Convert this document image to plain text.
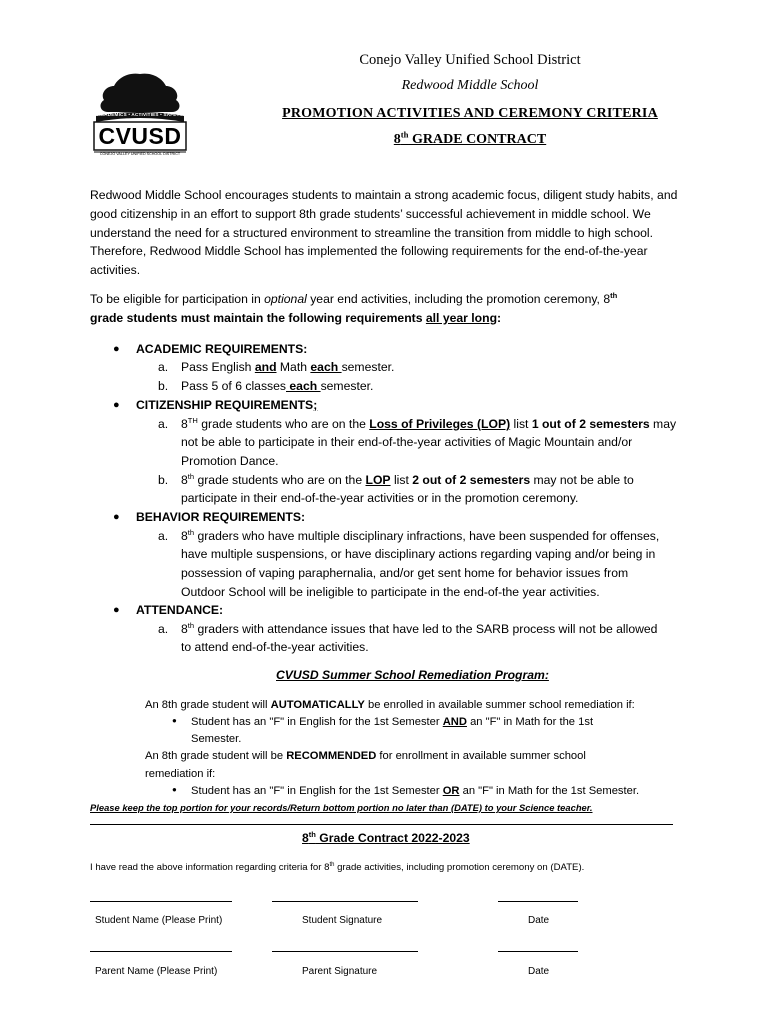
ACADEMICS • ACTIVITIES • SAFETY
CVUSD
CONEJO VALLEY UNIFIED SCHOOL DISTRICT
Conejo Valley Unified School District
Redwood Middle School
PROMOTION ACTIVITIES AND CEREMONY CRITERIA
8th GRADE CONTRACT
Redwood Middle School encourages students to maintain a strong academic focus, diligent study habits, and good citizenship in an effort to support 8th grade students’ successful achievement in middle school. We understand the need for a structured environment to streamline the transition from middle to high school. Therefore, Redwood Middle School has implemented the following requirements for the end-of-the-year activities.
To be eligible for participation in optional year end activities, including the promotion ceremony, 8th
grade students must maintain the following requirements all year long:
● ACADEMIC REQUIREMENTS:
a. Pass English and Math each semester.
b. Pass 5 of 6 classes each semester.
● CITIZENSHIP REQUIREMENTS;
a. 8TH grade students who are on the Loss of Privileges (LOP) list 1 out of 2 semesters may
not be able to participate in their end-of-the-year activities of Magic Mountain and/or
Promotion Dance.
b. 8th grade students who are on the LOP list 2 out of 2 semesters may not be able to
participate in their end-of-the-year activities or in the promotion ceremony.
● BEHAVIOR REQUIREMENTS:
a. 8th graders who have multiple disciplinary infractions, have been suspended for offenses,
have multiple suspensions, or have disciplinary actions regarding vaping and/or being in
possession of vaping paraphernalia, and/or get sent home for behavior issues from
Outdoor School will be ineligible to participate in the end-of-the year activities.
● ATTENDANCE:
a. 8th graders with attendance issues that have led to the SARB process will not be allowed
to attend end-of-the-year activities.
CVUSD Summer School Remediation Program:
An 8th grade student will AUTOMATICALLY be enrolled in available summer school remediation if:
● Student has an "F" in English for the 1st Semester AND an "F" in Math for the 1st
Semester.
An 8th grade student will be RECOMMENDED for enrollment in available summer school
remediation if:
● Student has an "F" in English for the 1st Semester OR an "F" in Math for the 1st Semester.
Please keep the top portion for your records/Return bottom portion no later than (DATE) to your Science teacher.
8th Grade Contract 2022-2023
I have read the above information regarding criteria for 8th grade activities, including promotion ceremony on (DATE).
Student Name (Please Print)	Student Signature	Date
Parent Name (Please Print)	Parent Signature	Date
